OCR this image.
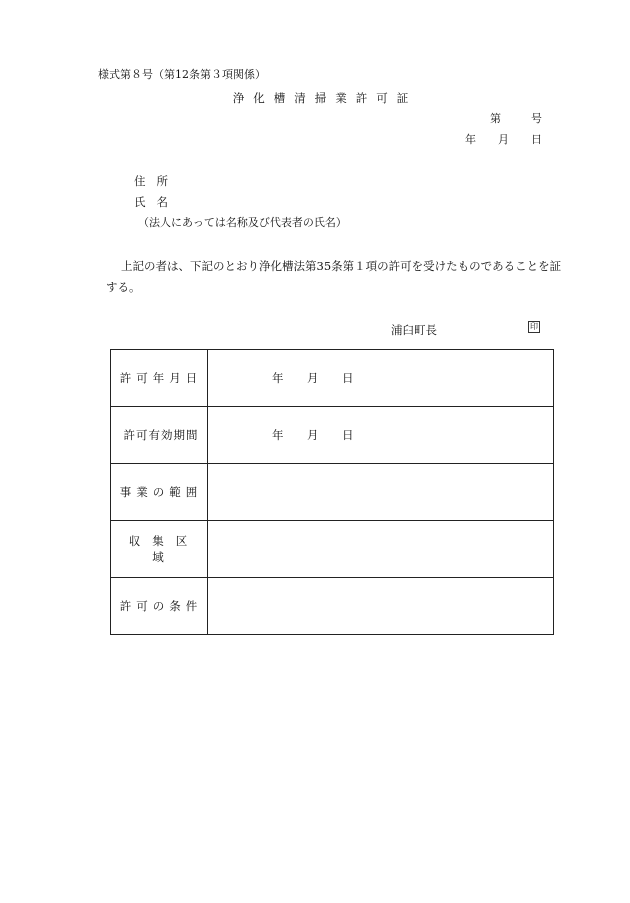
様式第８号（第12条第３項関係）
浄化槽清掃業許可証
第	号
年 月 日
住所
氏名
（法人にあっては名称及び代表者の氏名）
上記の者は、下記のとおり浄化槽法第35条第１項の許可を受けたものであることを証
する。
浦臼町長	印
許可年月日	年 月 日

許可有効期間	年 月 日

事業の範囲	
収集区域	
許可の条件	
